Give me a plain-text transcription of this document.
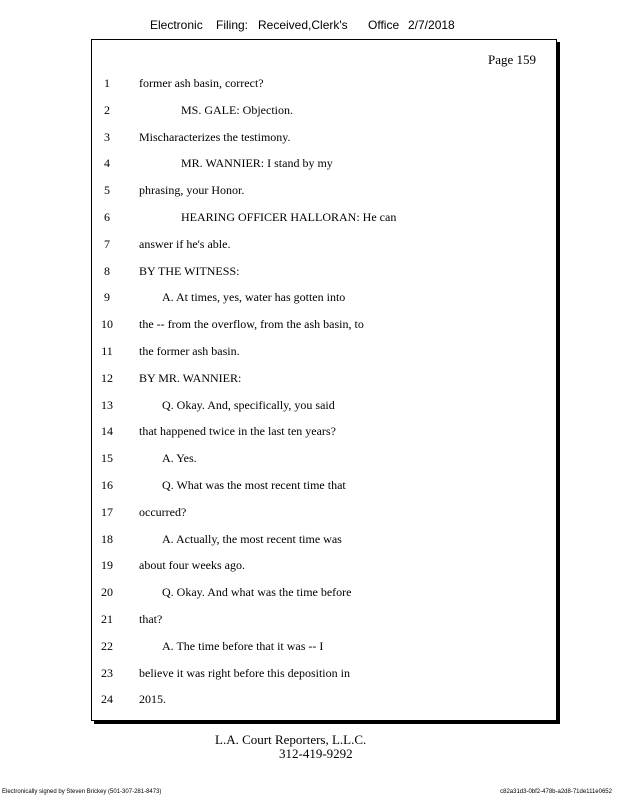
Electronic Filing: Received,Clerk's Office 2/7/2018
Page 159
1	former ash basin, correct?
2	MS. GALE: Objection.
3	Mischaracterizes the testimony.
4	MR. WANNIER: I stand by my
5	phrasing, your Honor.
6	HEARING OFFICER HALLORAN: He can
7	answer if he's able.
8	BY THE WITNESS:
9	A. At times, yes, water has gotten into
10	the -- from the overflow, from the ash basin, to
11	the former ash basin.
12	BY MR. WANNIER:
13	Q. Okay. And, specifically, you said
14	that happened twice in the last ten years?
15	A. Yes.
16	Q. What was the most recent time that
17	occurred?
18	A. Actually, the most recent time was
19	about four weeks ago.
20	Q. Okay. And what was the time before
21	that?
22	A. The time before that it was -- I
23	believe it was right before this deposition in
24	2015.
L.A. Court Reporters, L.L.C.
312-419-9292
Electronically signed by Steven Brickey (501-307-281-8473)	c82a31d3-0bf2-478b-a2d8-71de111e0652
